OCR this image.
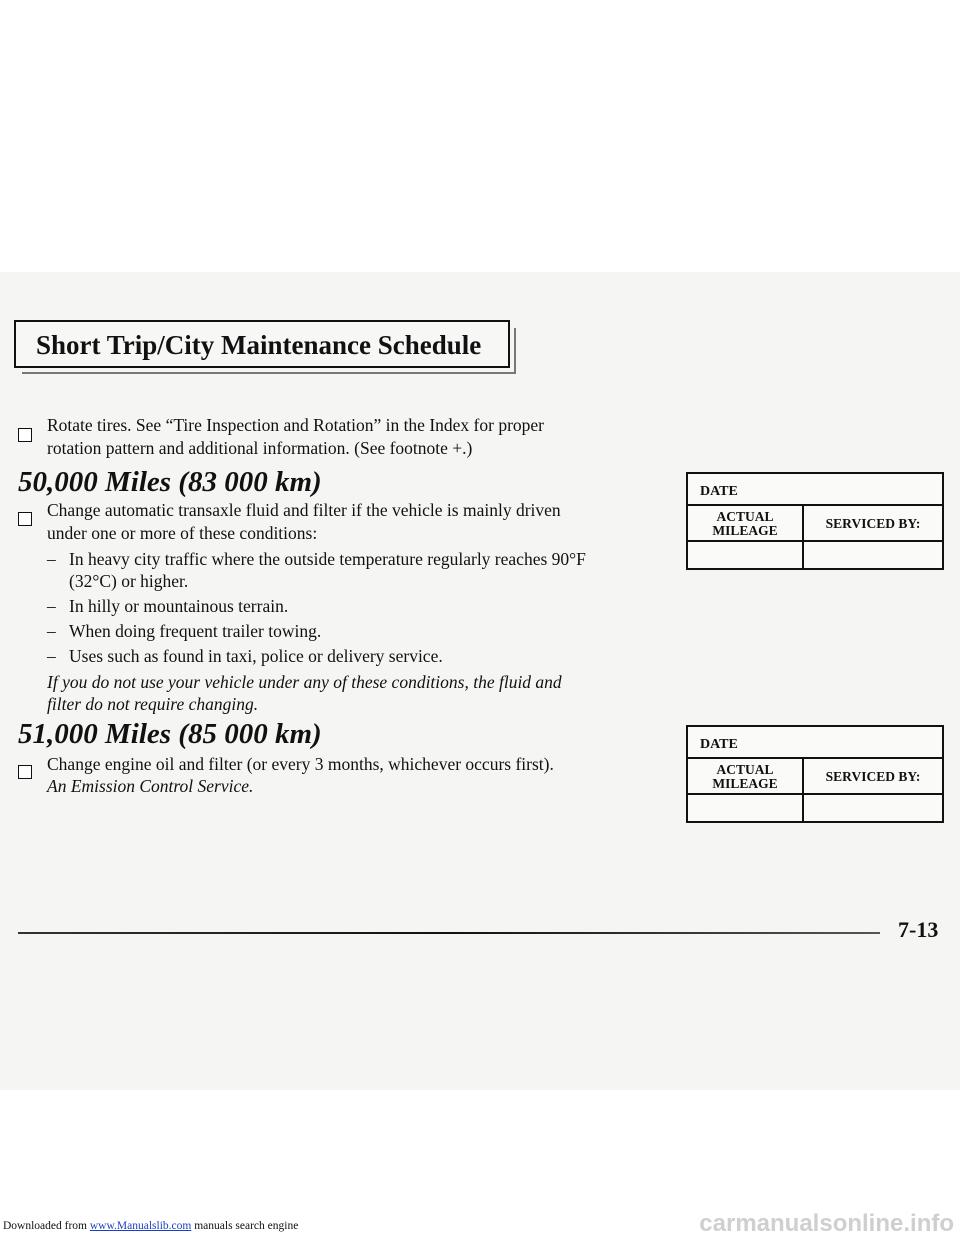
Short Trip/City Maintenance Schedule
Rotate tires. See “Tire Inspection and Rotation” in the Index for proper
rotation pattern and additional information. (See footnote +.)
50,000 Miles (83 000 km)
Change automatic transaxle fluid and filter if the vehicle is mainly driven
under one or more of these conditions:
– In heavy city traffic where the outside temperature regularly reaches 90°F
(32°C) or higher.
– In hilly or mountainous terrain.
– When doing frequent trailer towing.
– Uses such as found in taxi, police or delivery service.
If you do not use your vehicle under any of these conditions, the fluid and
filter do not require changing.
DATE
ACTUAL
MILEAGE	SERVICED BY:
51,000 Miles (85 000 km)
Change engine oil and filter (or every 3 months, whichever occurs first).
An Emission Control Service.
DATE
ACTUAL
MILEAGE	SERVICED BY:
7-13
Downloaded from www.Manualslib.com manuals search engine	carmanualsonline.info
